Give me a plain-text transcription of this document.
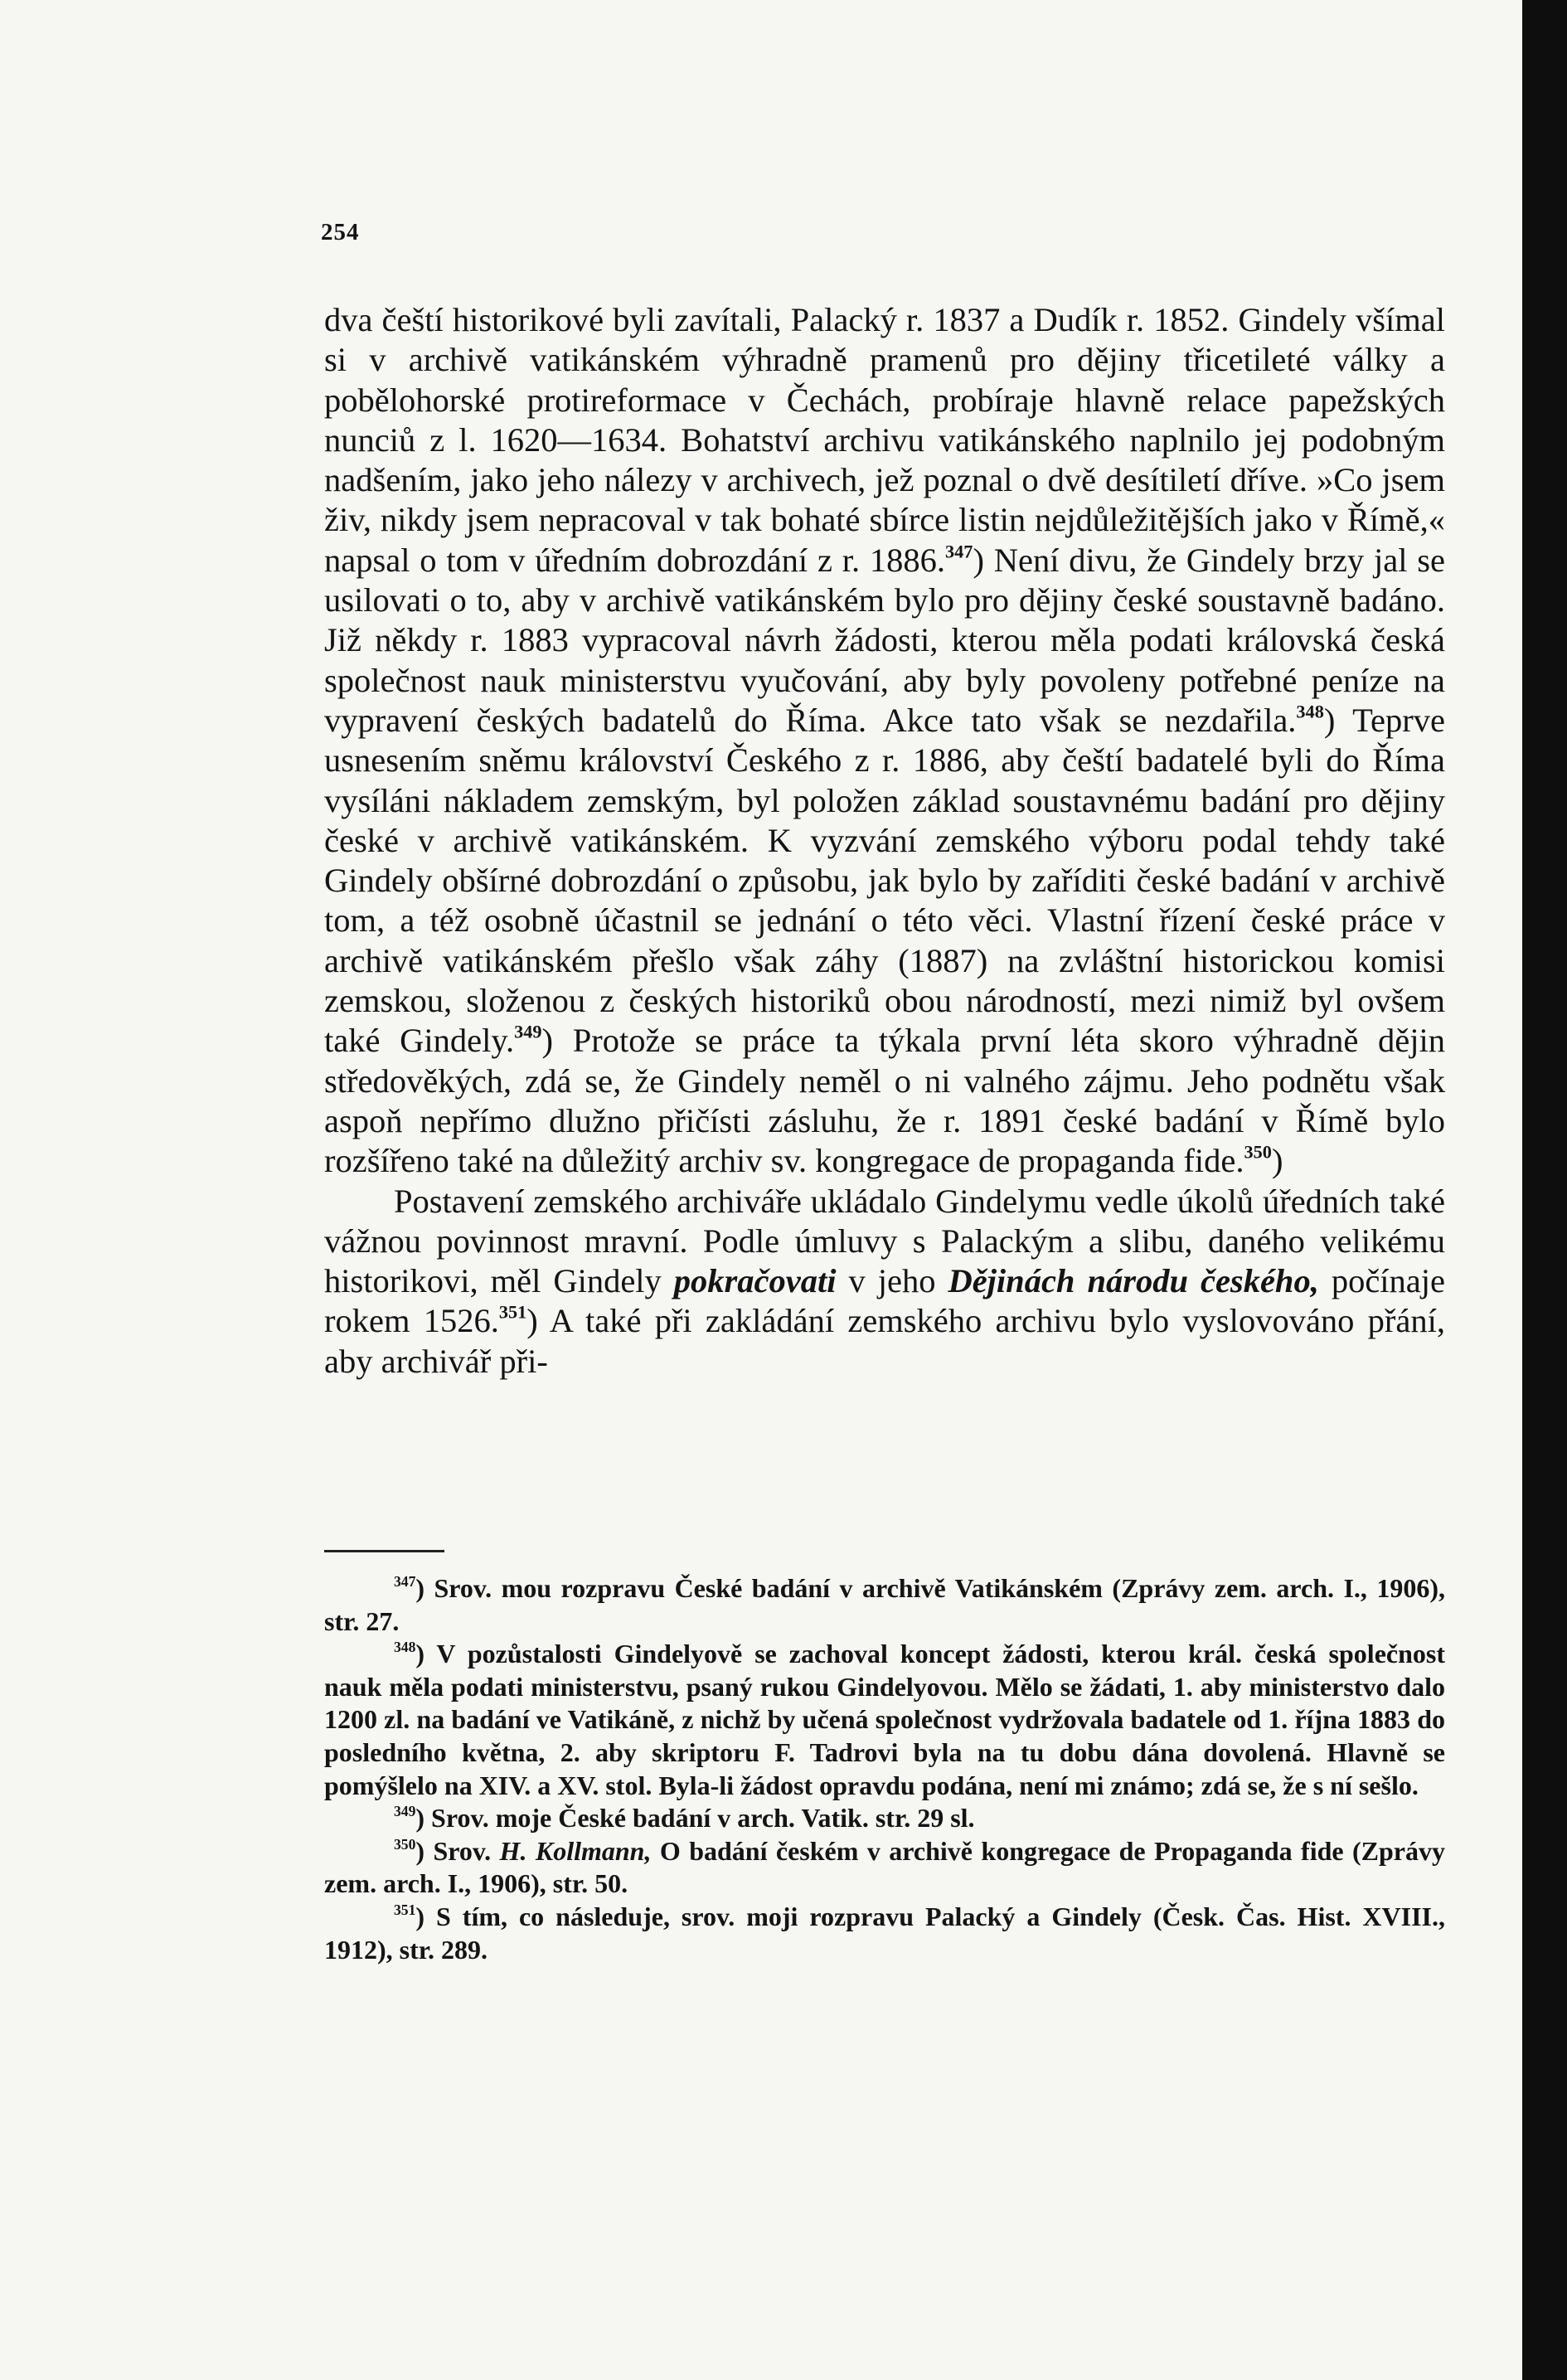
254

dva čeští historikové byli zavítali, Palacký r. 1837 a Dudík r. 1852. Gindely všímal si v archivě vatikánském výhradně pramenů pro dějiny třicetileté války a pobělohorské protireformace v Čechách, probíraje hlavně relace papežských nunciů z l. 1620—1634. Bohatství archivu vatikánského naplnilo jej podobným nadšením, jako jeho nálezy v archivech, jež poznal o dvě desítiletí dříve. »Co jsem živ, nikdy jsem nepracoval v tak bohaté sbírce listin nejdůležitějších jako v Římě,« napsal o tom v úředním dobrozdání z r. 1886.$^{347}$) Není divu, že Gindely brzy jal se usilovati o to, aby v archivě vatikánském bylo pro dějiny české soustavně badáno. Již někdy r. 1883 vypracoval návrh žádosti, kterou měla podati královská česká společnost nauk ministerstvu vyučování, aby byly povoleny potřebné peníze na vypravení českých badatelů do Říma. Akce tato však se nezdařila.$^{348}$) Teprve usnesením sněmu království Českého z r. 1886, aby čeští badatelé byli do Říma vysíláni nákladem zemským, byl položen základ soustavnému badání pro dějiny české v archivě vatikánském. K vyzvání zemského výboru podal tehdy také Gindely obšírné dobrozdání o způsobu, jak bylo by zaříditi české badání v archivě tom, a též osobně účastnil se jednání o této věci. Vlastní řízení české práce v archivě vatikánském přešlo však záhy (1887) na zvláštní historickou komisi zemskou, složenou z českých historiků obou národností, mezi nimiž byl ovšem také Gindely.$^{349}$) Protože se práce ta týkala první léta skoro výhradně dějin středověkých, zdá se, že Gindely neměl o ni valného zájmu. Jeho podnětu však aspoň nepřímo dlužno přičísti zásluhu, že r. 1891 české badání v Římě bylo rozšířeno také na důležitý archiv sv. kongregace de propaganda fide.$^{350}$)

Postavení zemského archiváře ukládalo Gindelymu vedle úkolů úředních také vážnou povinnost mravní. Podle úmluvy s Palackým a slibu, daného velikému historikovi, měl Gindely pokračovati v jeho Dějinách národu českého, počínaje rokem 1526.$^{351}$) A také při zakládání zemského archivu bylo vyslovováno přání, aby archivář při-

$^{347}$) Srov. mou rozpravu České badání v archivě Vatikánském (Zprávy zem. arch. I., 1906), str. 27.

$^{348}$) V pozůstalosti Gindelyově se zachoval koncept žádosti, kterou král. česká společnost nauk měla podati ministerstvu, psaný rukou Gindelyovou. Mělo se žádati, 1. aby ministerstvo dalo 1200 zl. na badání ve Vatikáně, z nichž by učená společnost vydržovala badatele od 1. října 1883 do posledního května, 2. aby skriptoru F. Tadrovi byla na tu dobu dána dovolená. Hlavně se pomýšlelo na XIV. a XV. stol. Byla-li žádost opravdu podána, není mi známo; zdá se, že s ní sešlo.

$^{349}$) Srov. moje České badání v arch. Vatik. str. 29 sl.

$^{350}$) Srov. H. Kollmann, O badání českém v archivě kongregace de Propaganda fide (Zprávy zem. arch. I., 1906), str. 50.

$^{351}$) S tím, co následuje, srov. moji rozpravu Palacký a Gindely (Česk. Čas. Hist. XVIII., 1912), str. 289.
